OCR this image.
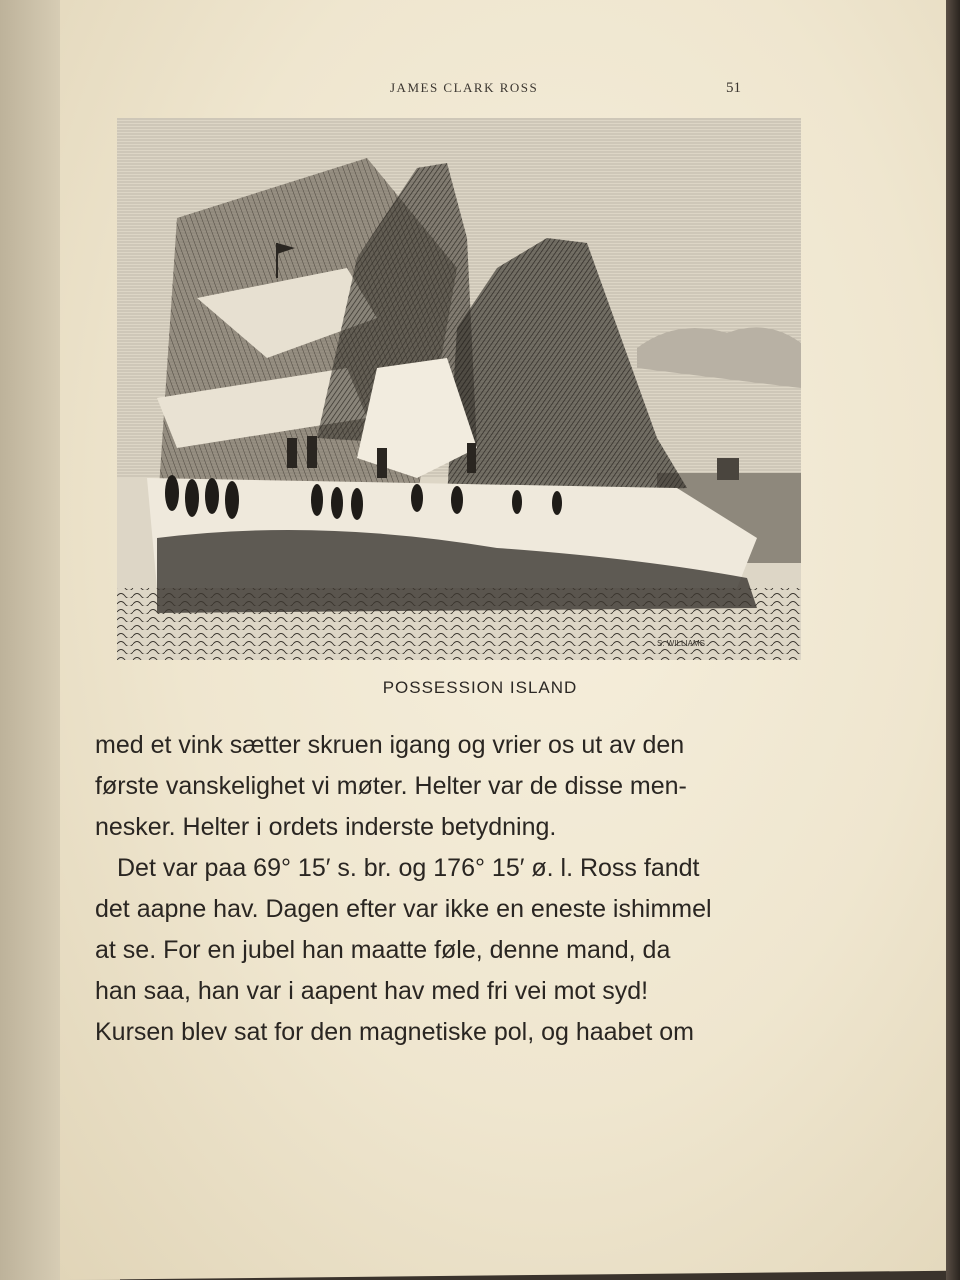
JAMES CLARK ROSS	51
S. WILLIAMS
POSSESSION ISLAND
med et vink sætter skruen igang og vrier os ut av den
første vanskelighet vi møter. Helter var de disse men-
nesker. Helter i ordets inderste betydning.
Det var paa 69° 15′ s. br. og 176° 15′ ø. l. Ross fandt
det aapne hav. Dagen efter var ikke en eneste ishimmel
at se. For en jubel han maatte føle, denne mand, da
han saa, han var i aapent hav med fri vei mot syd!
Kursen blev sat for den magnetiske pol, og haabet om
